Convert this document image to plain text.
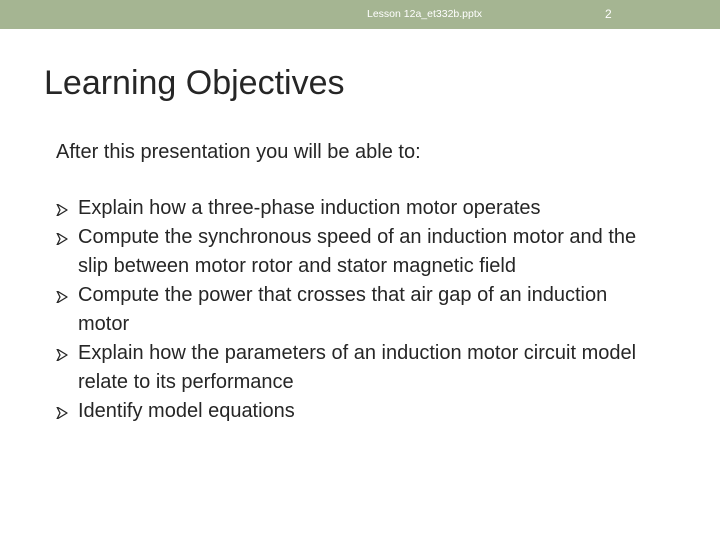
Lesson 12a_et332b.pptx	2
Learning Objectives
After this presentation you will be able to:
Explain how a three-phase induction motor operates
Compute the synchronous speed of an induction motor and the slip between motor rotor and stator magnetic field
Compute the power that crosses that air gap of an induction motor
Explain how the parameters of an induction motor circuit model relate to its performance
Identify model equations
